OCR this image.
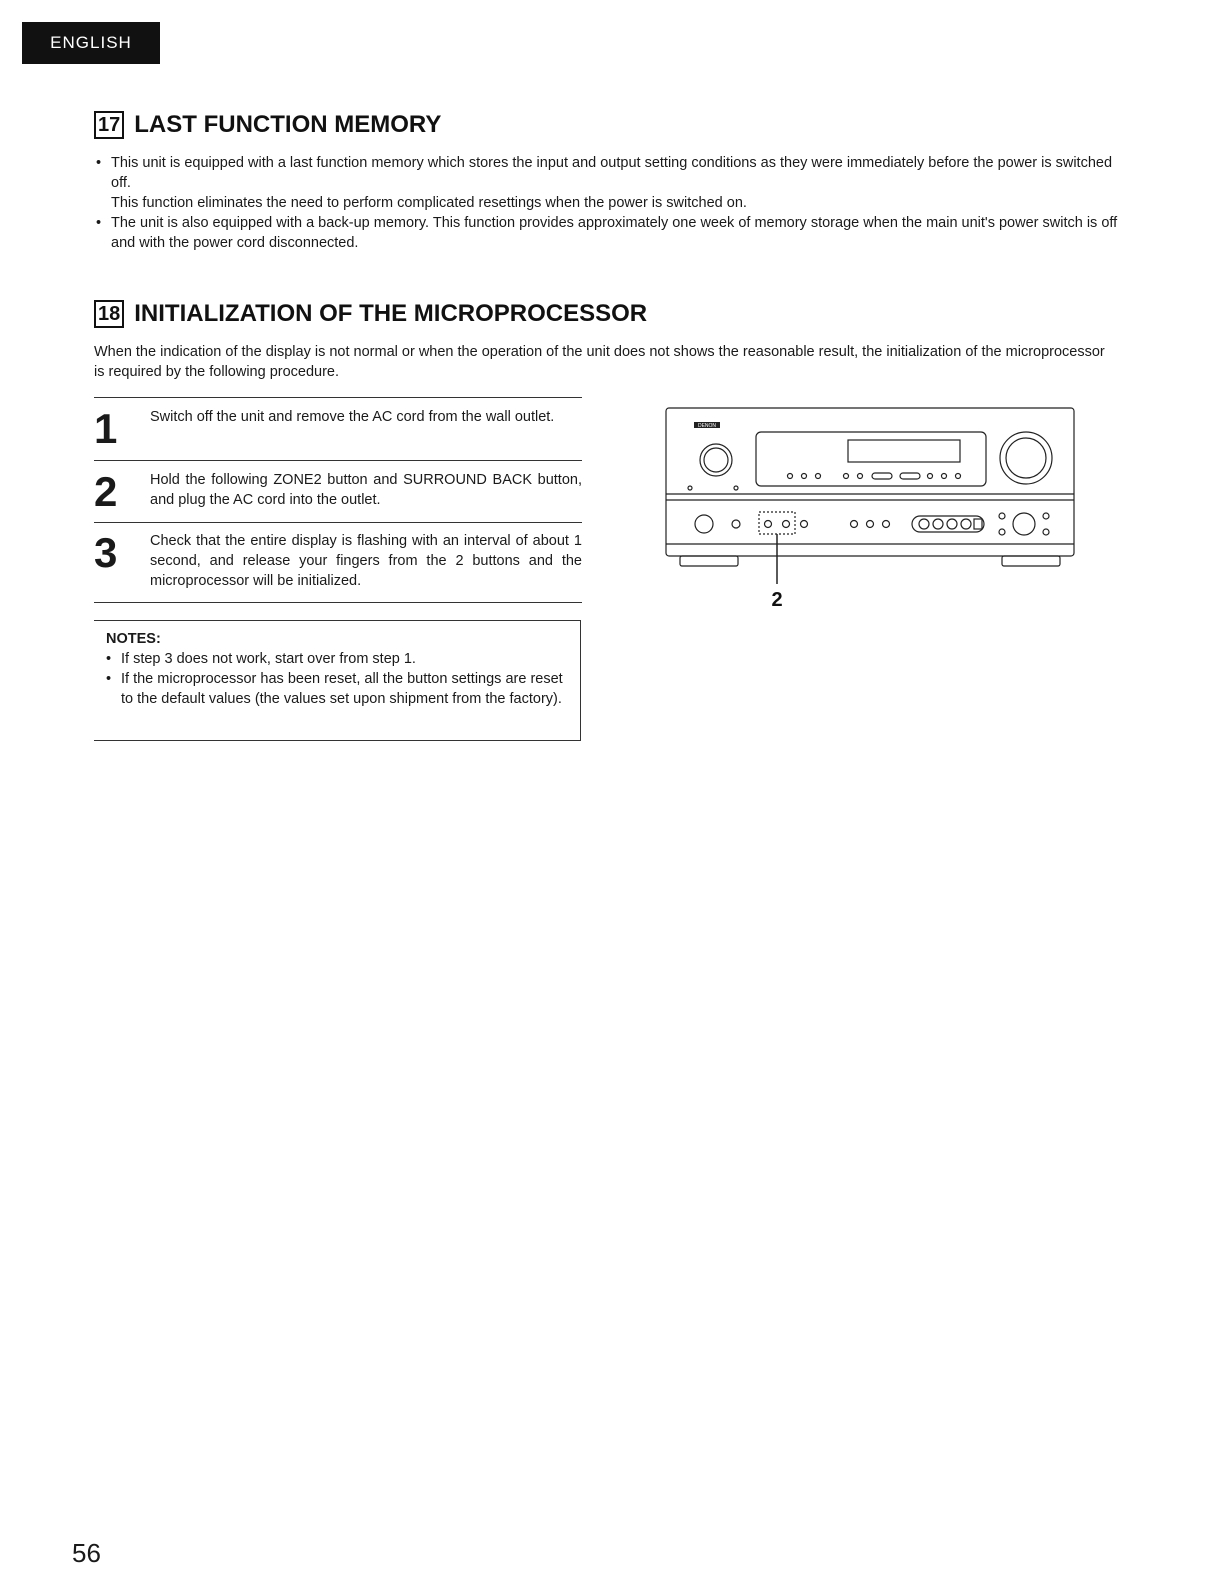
ENGLISH
17 LAST FUNCTION MEMORY
• This unit is equipped with a last function memory which stores the input and output setting conditions as they were immediately before the power is switched off.
This function eliminates the need to perform complicated resettings when the power is switched on.
• The unit is also equipped with a back-up memory. This function provides approximately one week of memory storage when the main unit's power switch is off and with the power cord disconnected.
18 INITIALIZATION OF THE MICROPROCESSOR
When the indication of the display is not normal or when the operation of the unit does not shows the reasonable result, the initialization of the microprocessor is required by the following procedure.
1 Switch off the unit and remove the AC cord from the wall outlet.
2 Hold the following ZONE2 button and SURROUND BACK button, and plug the AC cord into the outlet.
3 Check that the entire display is flashing with an interval of about 1 second, and release your fingers from the 2 buttons and the microprocessor will be initialized.
NOTES:
• If step 3 does not work, start over from step 1.
• If the microprocessor has been reset, all the button settings are reset to the default values (the values set upon shipment from the factory).
DENON
2
56
